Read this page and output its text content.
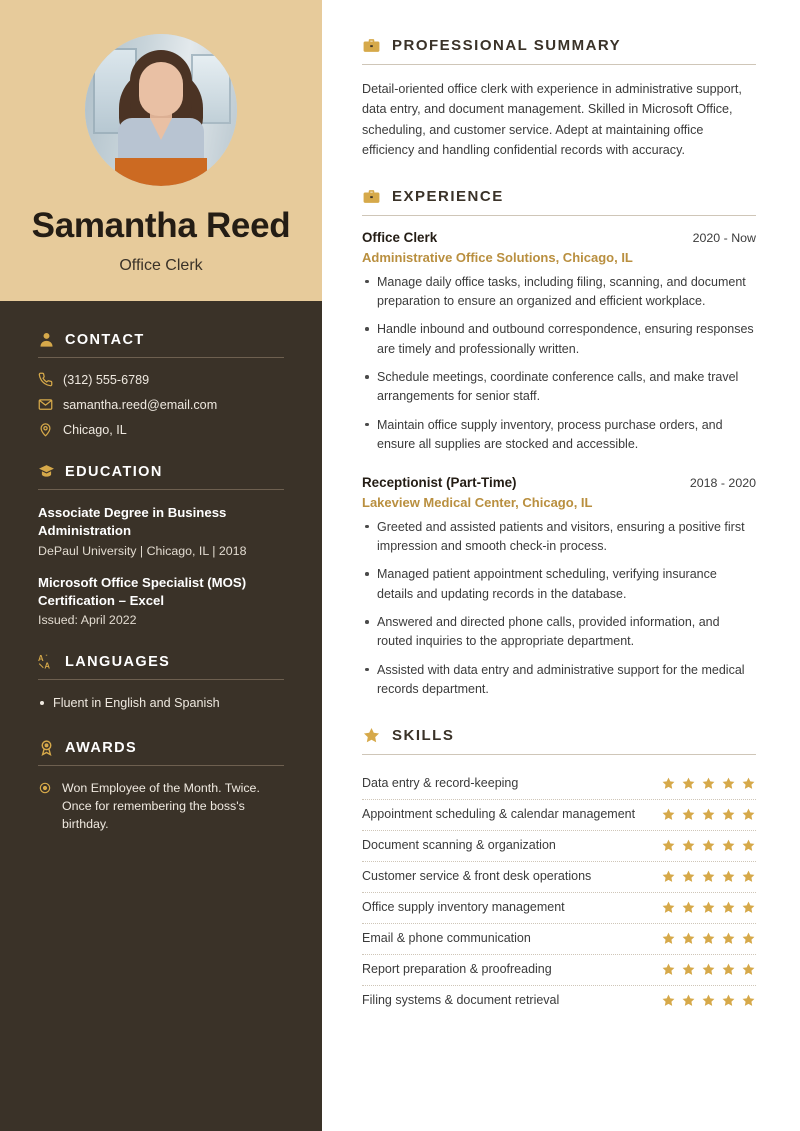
Samantha Reed
Office Clerk
CONTACT
(312) 555-6789
samantha.reed@email.com
Chicago, IL
EDUCATION
Associate Degree in Business Administration
DePaul University | Chicago, IL | 2018
Microsoft Office Specialist (MOS) Certification – Excel
Issued: April 2022
A
A LANGUAGES
Fluent in English and Spanish
AWARDS
Won Employee of the Month. Twice. Once for remembering the boss's birthday.
PROFESSIONAL SUMMARY

Detail-oriented office clerk with experience in administrative support, data entry, and document management. Skilled in Microsoft Office, scheduling, and customer service. Adept at maintaining office efficiency and handling confidential records with accuracy.

EXPERIENCE
Office Clerk	2020 - Now
Administrative Office Solutions, Chicago, IL
Manage daily office tasks, including filing, scanning, and document preparation to ensure an organized and efficient workplace.
Handle inbound and outbound correspondence, ensuring responses are timely and professionally written.
Schedule meetings, coordinate conference calls, and make travel arrangements for senior staff.
Maintain office supply inventory, process purchase orders, and ensure all supplies are stocked and accessible.
Receptionist (Part-Time)	2018 - 2020
Lakeview Medical Center, Chicago, IL
Greeted and assisted patients and visitors, ensuring a positive first impression and smooth check-in process.
Managed patient appointment scheduling, verifying insurance details and updating records in the database.
Answered and directed phone calls, provided information, and routed inquiries to the appropriate department.
Assisted with data entry and administrative support for the medical records department.
SKILLS
Data entry & record-keeping
Appointment scheduling & calendar management
Document scanning & organization
Customer service & front desk operations
Office supply inventory management
Email & phone communication
Report preparation & proofreading
Filing systems & document retrieval
